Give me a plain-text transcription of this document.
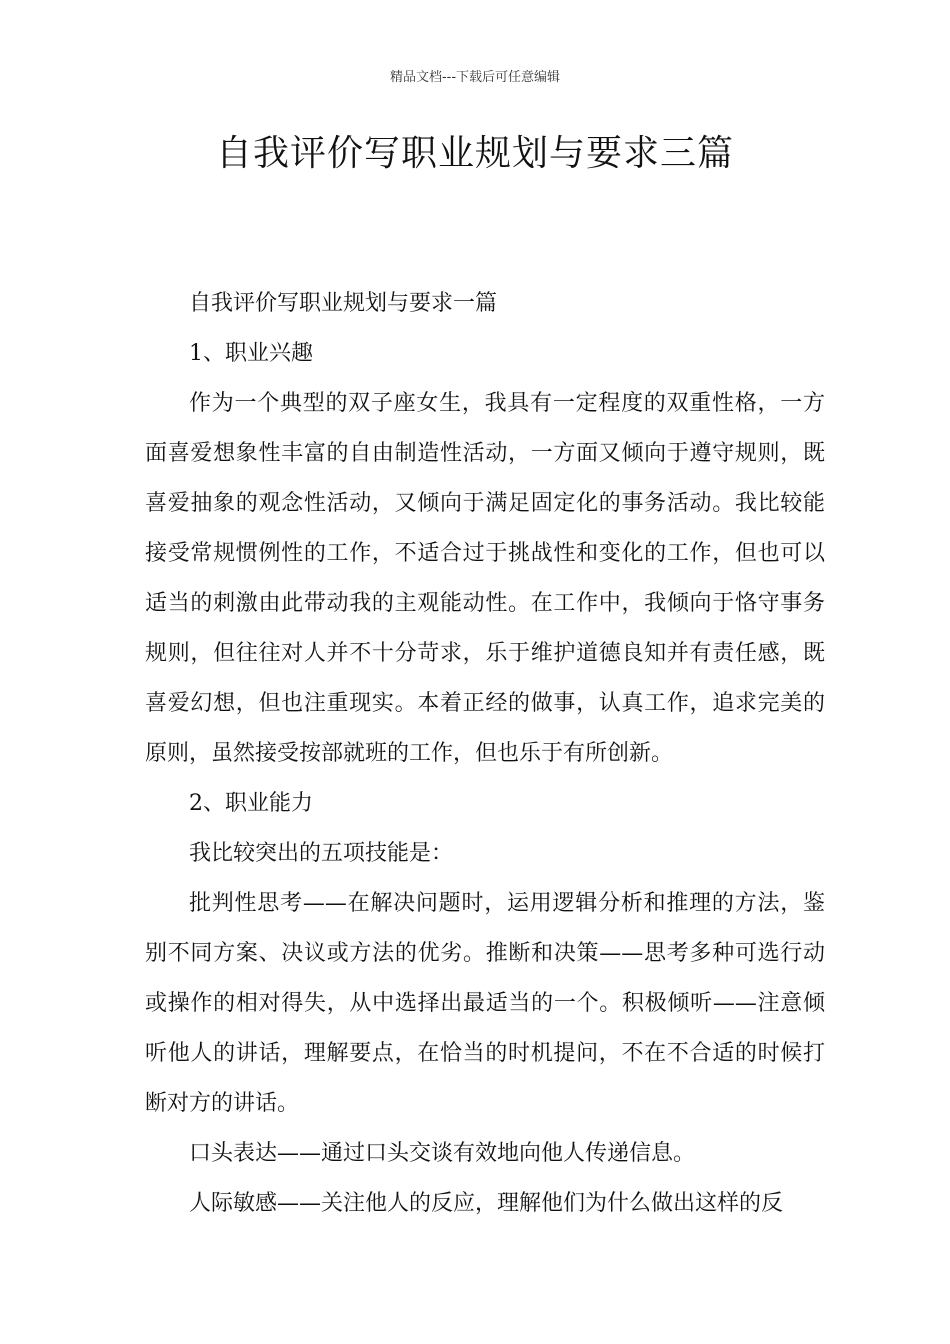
精品文档---下载后可任意编辑
自我评价写职业规划与要求三篇

自我评价写职业规划与要求一篇

1、职业兴趣

作为一个典型的双子座女生，我具有一定程度的双重性格，一方面喜爱想象性丰富的自由制造性活动，一方面又倾向于遵守规则，既喜爱抽象的观念性活动，又倾向于满足固定化的事务活动。我比较能接受常规惯例性的工作，不适合过于挑战性和变化的工作，但也可以适当的刺激由此带动我的主观能动性。在工作中，我倾向于恪守事务规则，但往往对人并不十分苛求，乐于维护道德良知并有责任感，既喜爱幻想，但也注重现实。本着正经的做事，认真工作，追求完美的原则，虽然接受按部就班的工作，但也乐于有所创新。

2、职业能力

我比较突出的五项技能是：

批判性思考——在解决问题时，运用逻辑分析和推理的方法，鉴别不同方案、决议或方法的优劣。推断和决策——思考多种可选行动或操作的相对得失，从中选择出最适当的一个。积极倾听——注意倾听他人的讲话，理解要点，在恰当的时机提问，不在不合适的时候打断对方的讲话。

口头表达——通过口头交谈有效地向他人传递信息。

人际敏感——关注他人的反应，理解他们为什么做出这样的反
